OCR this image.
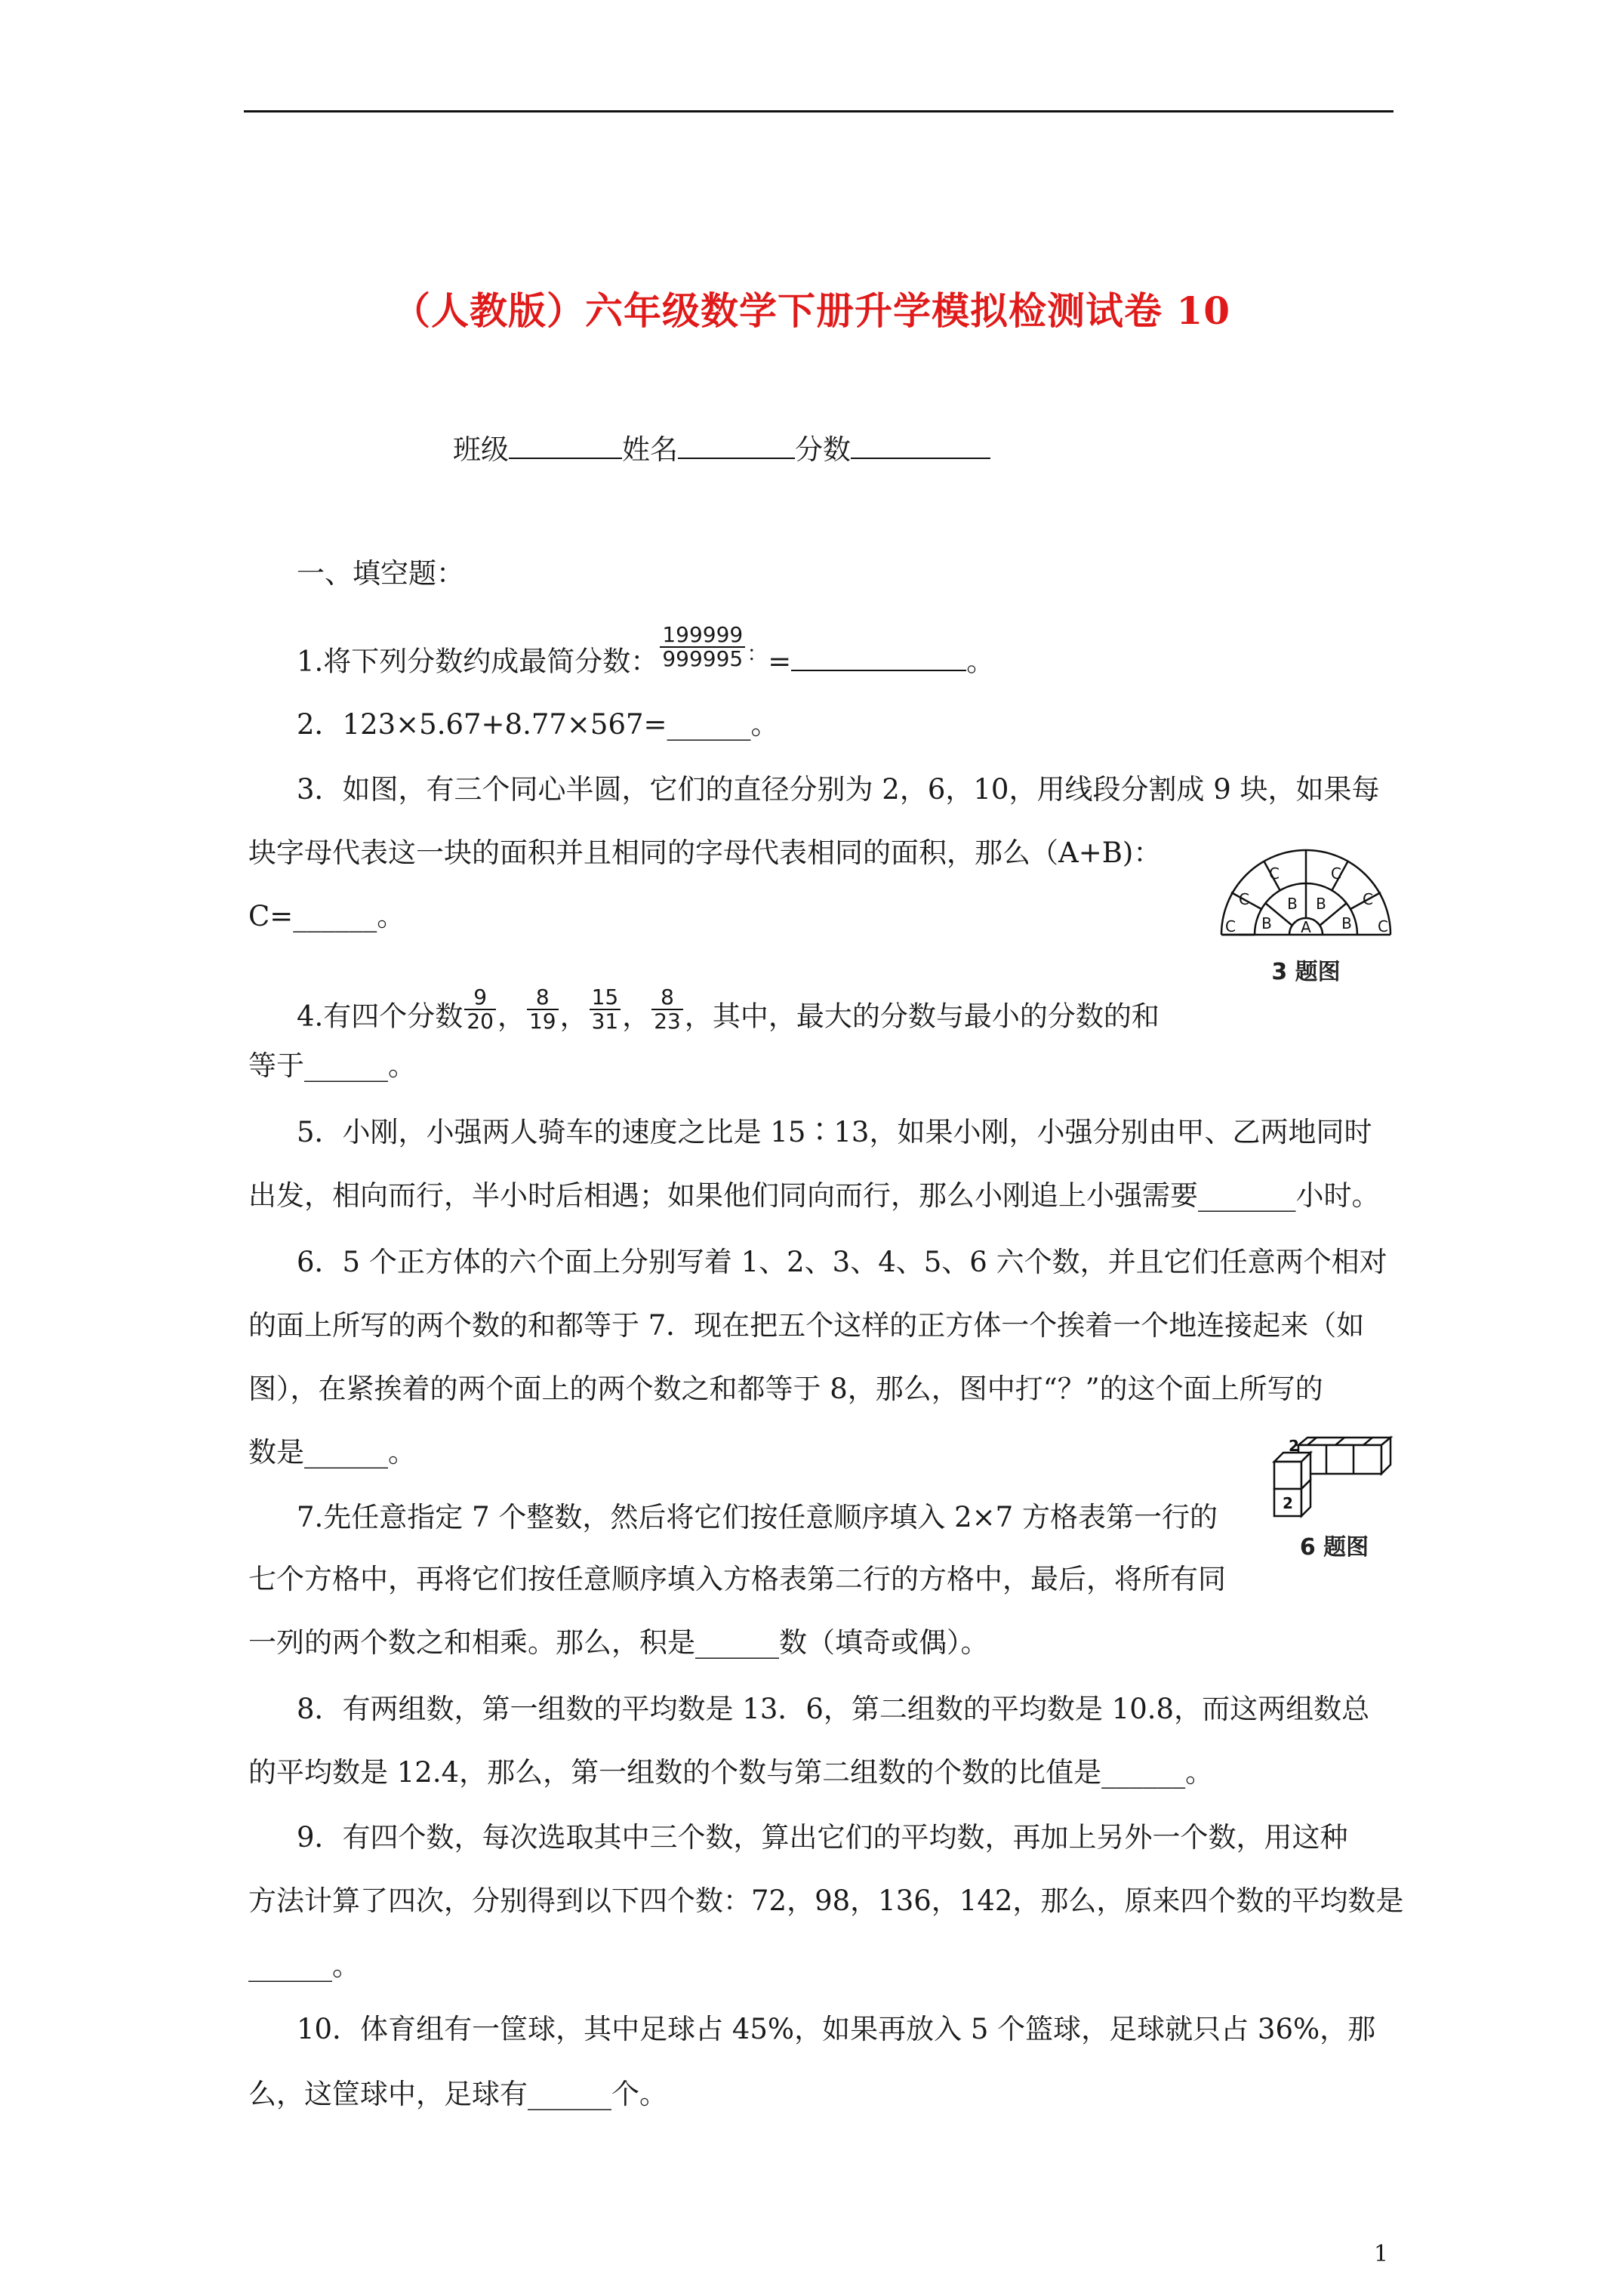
（人教版）六年级数学下册升学模拟检测试卷 10
班级	姓名	分数
一、填空题：
1.将下列分数约成最简分数： $\frac{199999}{999995} ^:=$	。
2．123×5.67+8.77×567=______。
3．如图，有三个同心半圆，它们的直径分别为 2，6，10，用线段分割成 9 块，如果每
块字母代表这一块的面积并且相同的字母代表相同的面积，那么（A+B)：
C=______。	C
C
C	C
C
C
B
B B
B
A
3 题图
4.有四个分数 $\frac{9}{20}$ ， $\frac{8}{19}$ ， $\frac{15}{31}$ ， $\frac{8}{23}$ ，其中，最大的分数与最小的分数的和
等于______。
5．小刚，小强两人骑车的速度之比是 15∶13，如果小刚，小强分别由甲、乙两地同时
出发，相向而行，半小时后相遇；如果他们同向而行，那么小刚追上小强需要_______小时。
6．5 个正方体的六个面上分别写着 1、2、3、4、5、6 六个数，并且它们任意两个相对
的面上所写的两个数的和都等于 7．现在把五个这样的正方体一个挨着一个地连接起来（如
图），在紧挨着的两个面上的两个数之和都等于 8，那么，图中打“？”的这个面上所写的
数是______。	2
2
6 题图
7.先任意指定 7 个整数，然后将它们按任意顺序填入 2×7 方格表第一行的
七个方格中，再将它们按任意顺序填入方格表第二行的方格中，最后，将所有同
一列的两个数之和相乘。那么，积是______数（填奇或偶）。
8．有两组数，第一组数的平均数是 13．6，第二组数的平均数是 10.8，而这两组数总
的平均数是 12.4，那么，第一组数的个数与第二组数的个数的比值是______。
9．有四个数，每次选取其中三个数，算出它们的平均数，再加上另外一个数，用这种
方法计算了四次，分别得到以下四个数：72，98，136，142，那么，原来四个数的平均数是
______。
10．体育组有一筐球，其中足球占 45%，如果再放入 5 个篮球，足球就只占 36%，那
么，这筐球中，足球有______个。
1
